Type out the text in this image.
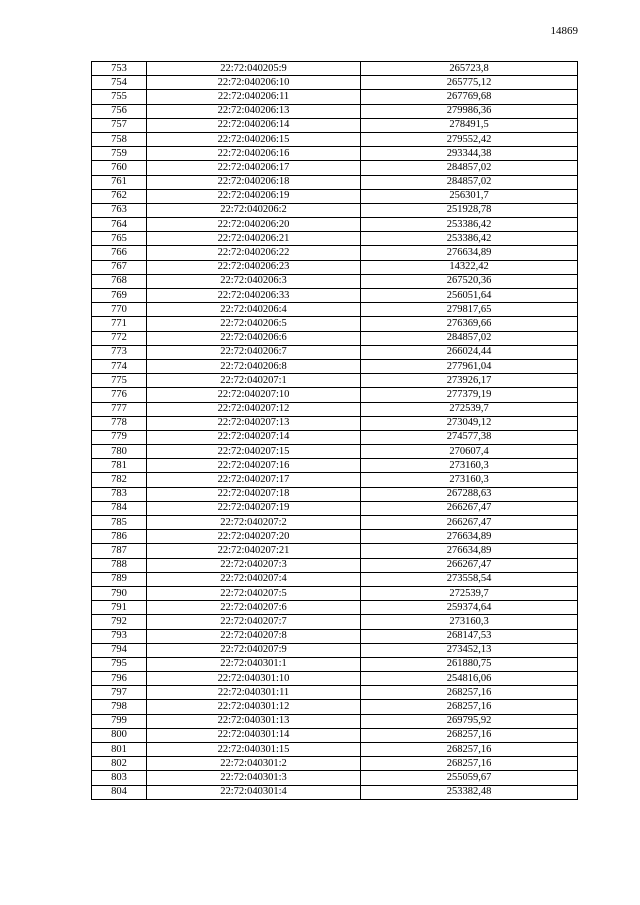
14869
753	22:72:040205:9	265723,8
754	22:72:040206:10	265775,12
755	22:72:040206:11	267769,68
756	22:72:040206:13	279986,36
757	22:72:040206:14	278491,5
758	22:72:040206:15	279552,42
759	22:72:040206:16	293344,38
760	22:72:040206:17	284857,02
761	22:72:040206:18	284857,02
762	22:72:040206:19	256301,7
763	22:72:040206:2	251928,78
764	22:72:040206:20	253386,42
765	22:72:040206:21	253386,42
766	22:72:040206:22	276634,89
767	22:72:040206:23	14322,42
768	22:72:040206:3	267520,36
769	22:72:040206:33	256051,64
770	22:72:040206:4	279817,65
771	22:72:040206:5	276369,66
772	22:72:040206:6	284857,02
773	22:72:040206:7	266024,44
774	22:72:040206:8	277961,04
775	22:72:040207:1	273926,17
776	22:72:040207:10	277379,19
777	22:72:040207:12	272539,7
778	22:72:040207:13	273049,12
779	22:72:040207:14	274577,38
780	22:72:040207:15	270607,4
781	22:72:040207:16	273160,3
782	22:72:040207:17	273160,3
783	22:72:040207:18	267288,63
784	22:72:040207:19	266267,47
785	22:72:040207:2	266267,47
786	22:72:040207:20	276634,89
787	22:72:040207:21	276634,89
788	22:72:040207:3	266267,47
789	22:72:040207:4	273558,54
790	22:72:040207:5	272539,7
791	22:72:040207:6	259374,64
792	22:72:040207:7	273160,3
793	22:72:040207:8	268147,53
794	22:72:040207:9	273452,13
795	22:72:040301:1	261880,75
796	22:72:040301:10	254816,06
797	22:72:040301:11	268257,16
798	22:72:040301:12	268257,16
799	22:72:040301:13	269795,92
800	22:72:040301:14	268257,16
801	22:72:040301:15	268257,16
802	22:72:040301:2	268257,16
803	22:72:040301:3	255059,67
804	22:72:040301:4	253382,48
